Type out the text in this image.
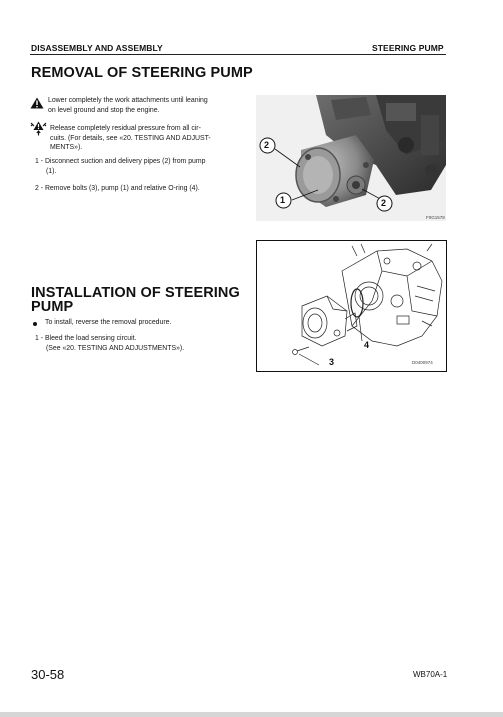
DISASSEMBLY AND ASSEMBLY	STEERING PUMP
REMOVAL OF STEERING PUMP
Lower completely the work attachments until leaning
on level ground and stop the engine.
Release completely residual pressure from all cir-
cuits. (For details, see «20. TESTING AND ADJUST-
MENTS»).
1 - Disconnect suction and delivery pipes (2) from pump
(1).
2 - Remove bolts (3), pump (1) and relative O-ring (4).
2
1	2
F0G1578
INSTALLATION OF STEERING
PUMP
To install, reverse the removal procedure.
1 - Bleed the load sensing circuit.
(See «20. TESTING AND ADJUSTMENTS»).	4
3	D0400974
30-58	WB70A-1
